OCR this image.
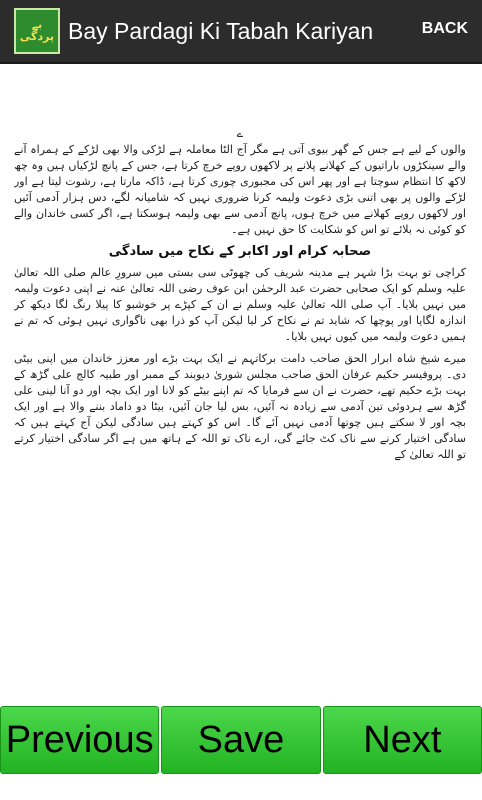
بے پردگی Bay Pardagi Ki Tabah Kariyan	BACK

ے

والوں کے لیے ہے جس کے گھر بیوی آتی ہے مگر آج الٹا معاملہ ہے لڑکی والا بھی لڑکے کے ہمراہ آنے والے سینکڑوں باراتیوں کے کھلانے پلانے پر لاکھوں روپے خرچ کرتا ہے، جس کے پانچ لڑکیاں ہیں وہ چھ لاکھ کا انتظام سوچتا ہے اور پھر اس کی مجبوری چوری کرتا ہے، ڈاکہ مارتا ہے، رشوت لیتا ہے اور لڑکے والوں پر بھی اتنی بڑی دعوت ولیمہ کرنا ضروری نہیں کہ شامیانہ لگے، دس ہزار آدمی آئیں اور لاکھوں روپے کھلانے میں خرچ ہوں، پانچ آدمی سے بھی ولیمہ ہوسکتا ہے، اگر کسی خاندان والے کو کوئی نہ بلائے تو اس کو شکایت کا حق نہیں ہے۔

صحابہ کرام اور اکابر کے نکاح میں سادگی

کراچی تو بہت بڑا شہر ہے مدینہ شریف کی چھوٹی سی بستی میں سرورِ عالم صلی اللہ تعالیٰ علیہ وسلم کو ایک صحابی حضرت عبد الرحمٰن ابن عوف رضی اللہ تعالیٰ عنہ نے اپنی دعوت ولیمہ میں نہیں بلایا۔ آپ صلی اللہ تعالیٰ علیہ وسلم نے ان کے کپڑے پر خوشبو کا پیلا رنگ لگا دیکھ کر اندازہ لگایا اور پوچھا کہ شاید تم نے نکاح کر لیا لیکن آپ کو ذرا بھی ناگواری نہیں ہوئی کہ تم نے ہمیں دعوت ولیمہ میں کیوں نہیں بلایا۔

میرے شیخ شاہ ابرار الحق صاحب دامت برکاتہم نے ایک بہت بڑے اور معزز خاندان میں اپنی بیٹی دی۔ پروفیسر حکیم عرفان الحق صاحب مجلس شوریٰ دیوبند کے ممبر اور طبیہ کالج علی گڑھ کے بہت بڑے حکیم تھے، حضرت نے ان سے فرمایا کہ تم اپنے بیٹے کو لانا اور ایک بچہ اور دو آنا لینی علی گڑھ سے ہردوئی تین آدمی سے زیادہ نہ آئیں، بس لیا جان آئیں، بیٹا دو داماد بننے والا ہے اور ایک بچہ اور لا سکتے ہیں چوتھا آدمی نہیں آئے گا۔ اس کو کہتے ہیں سادگی لیکن آج کہتے ہیں کہ سادگی اختیار کرنے سے ناک کٹ جائے گی، ارے ناک تو اللہ کے ہاتھ میں ہے اگر سادگی اختیار کرتے تو اللہ تعالیٰ کے

Previous	Save	Next
